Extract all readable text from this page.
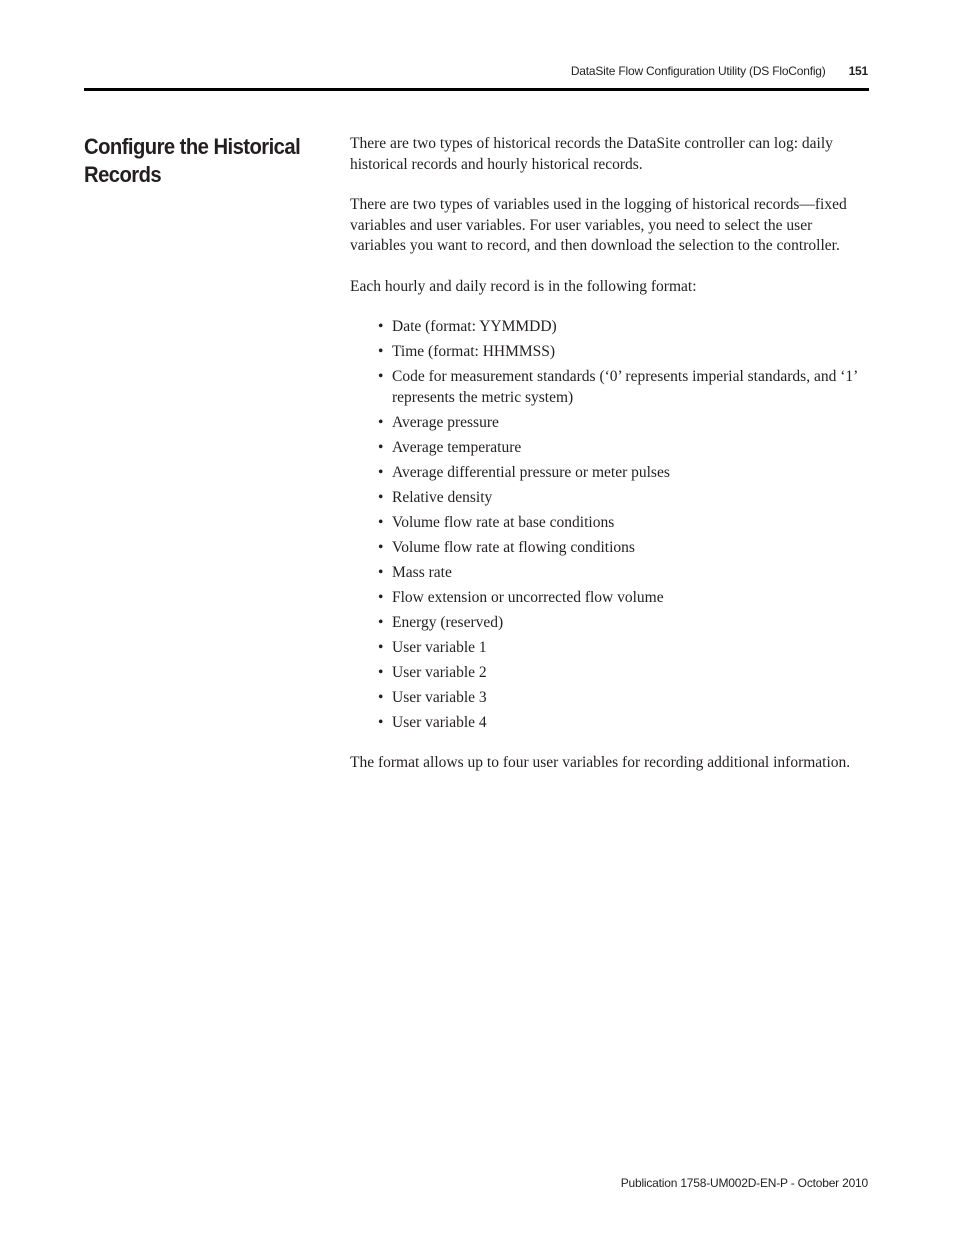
DataSite Flow Configuration Utility (DS FloConfig) 151
Configure the Historical Records

There are two types of historical records the DataSite controller can log: daily historical records and hourly historical records.

There are two types of variables used in the logging of historical records—fixed variables and user variables. For user variables, you need to select the user variables you want to record, and then download the selection to the controller.

Each hourly and daily record is in the following format:

• Date (format: YYMMDD)
• Time (format: HHMMSS)
• Code for measurement standards (‘0’ represents imperial standards, and ‘1’ represents the metric system)
• Average pressure
• Average temperature
• Average differential pressure or meter pulses
• Relative density
• Volume flow rate at base conditions
• Volume flow rate at flowing conditions
• Mass rate
• Flow extension or uncorrected flow volume
• Energy (reserved)
• User variable 1
• User variable 2
• User variable 3
• User variable 4

The format allows up to four user variables for recording additional information.

Publication 1758-UM002D-EN-P - October 2010
